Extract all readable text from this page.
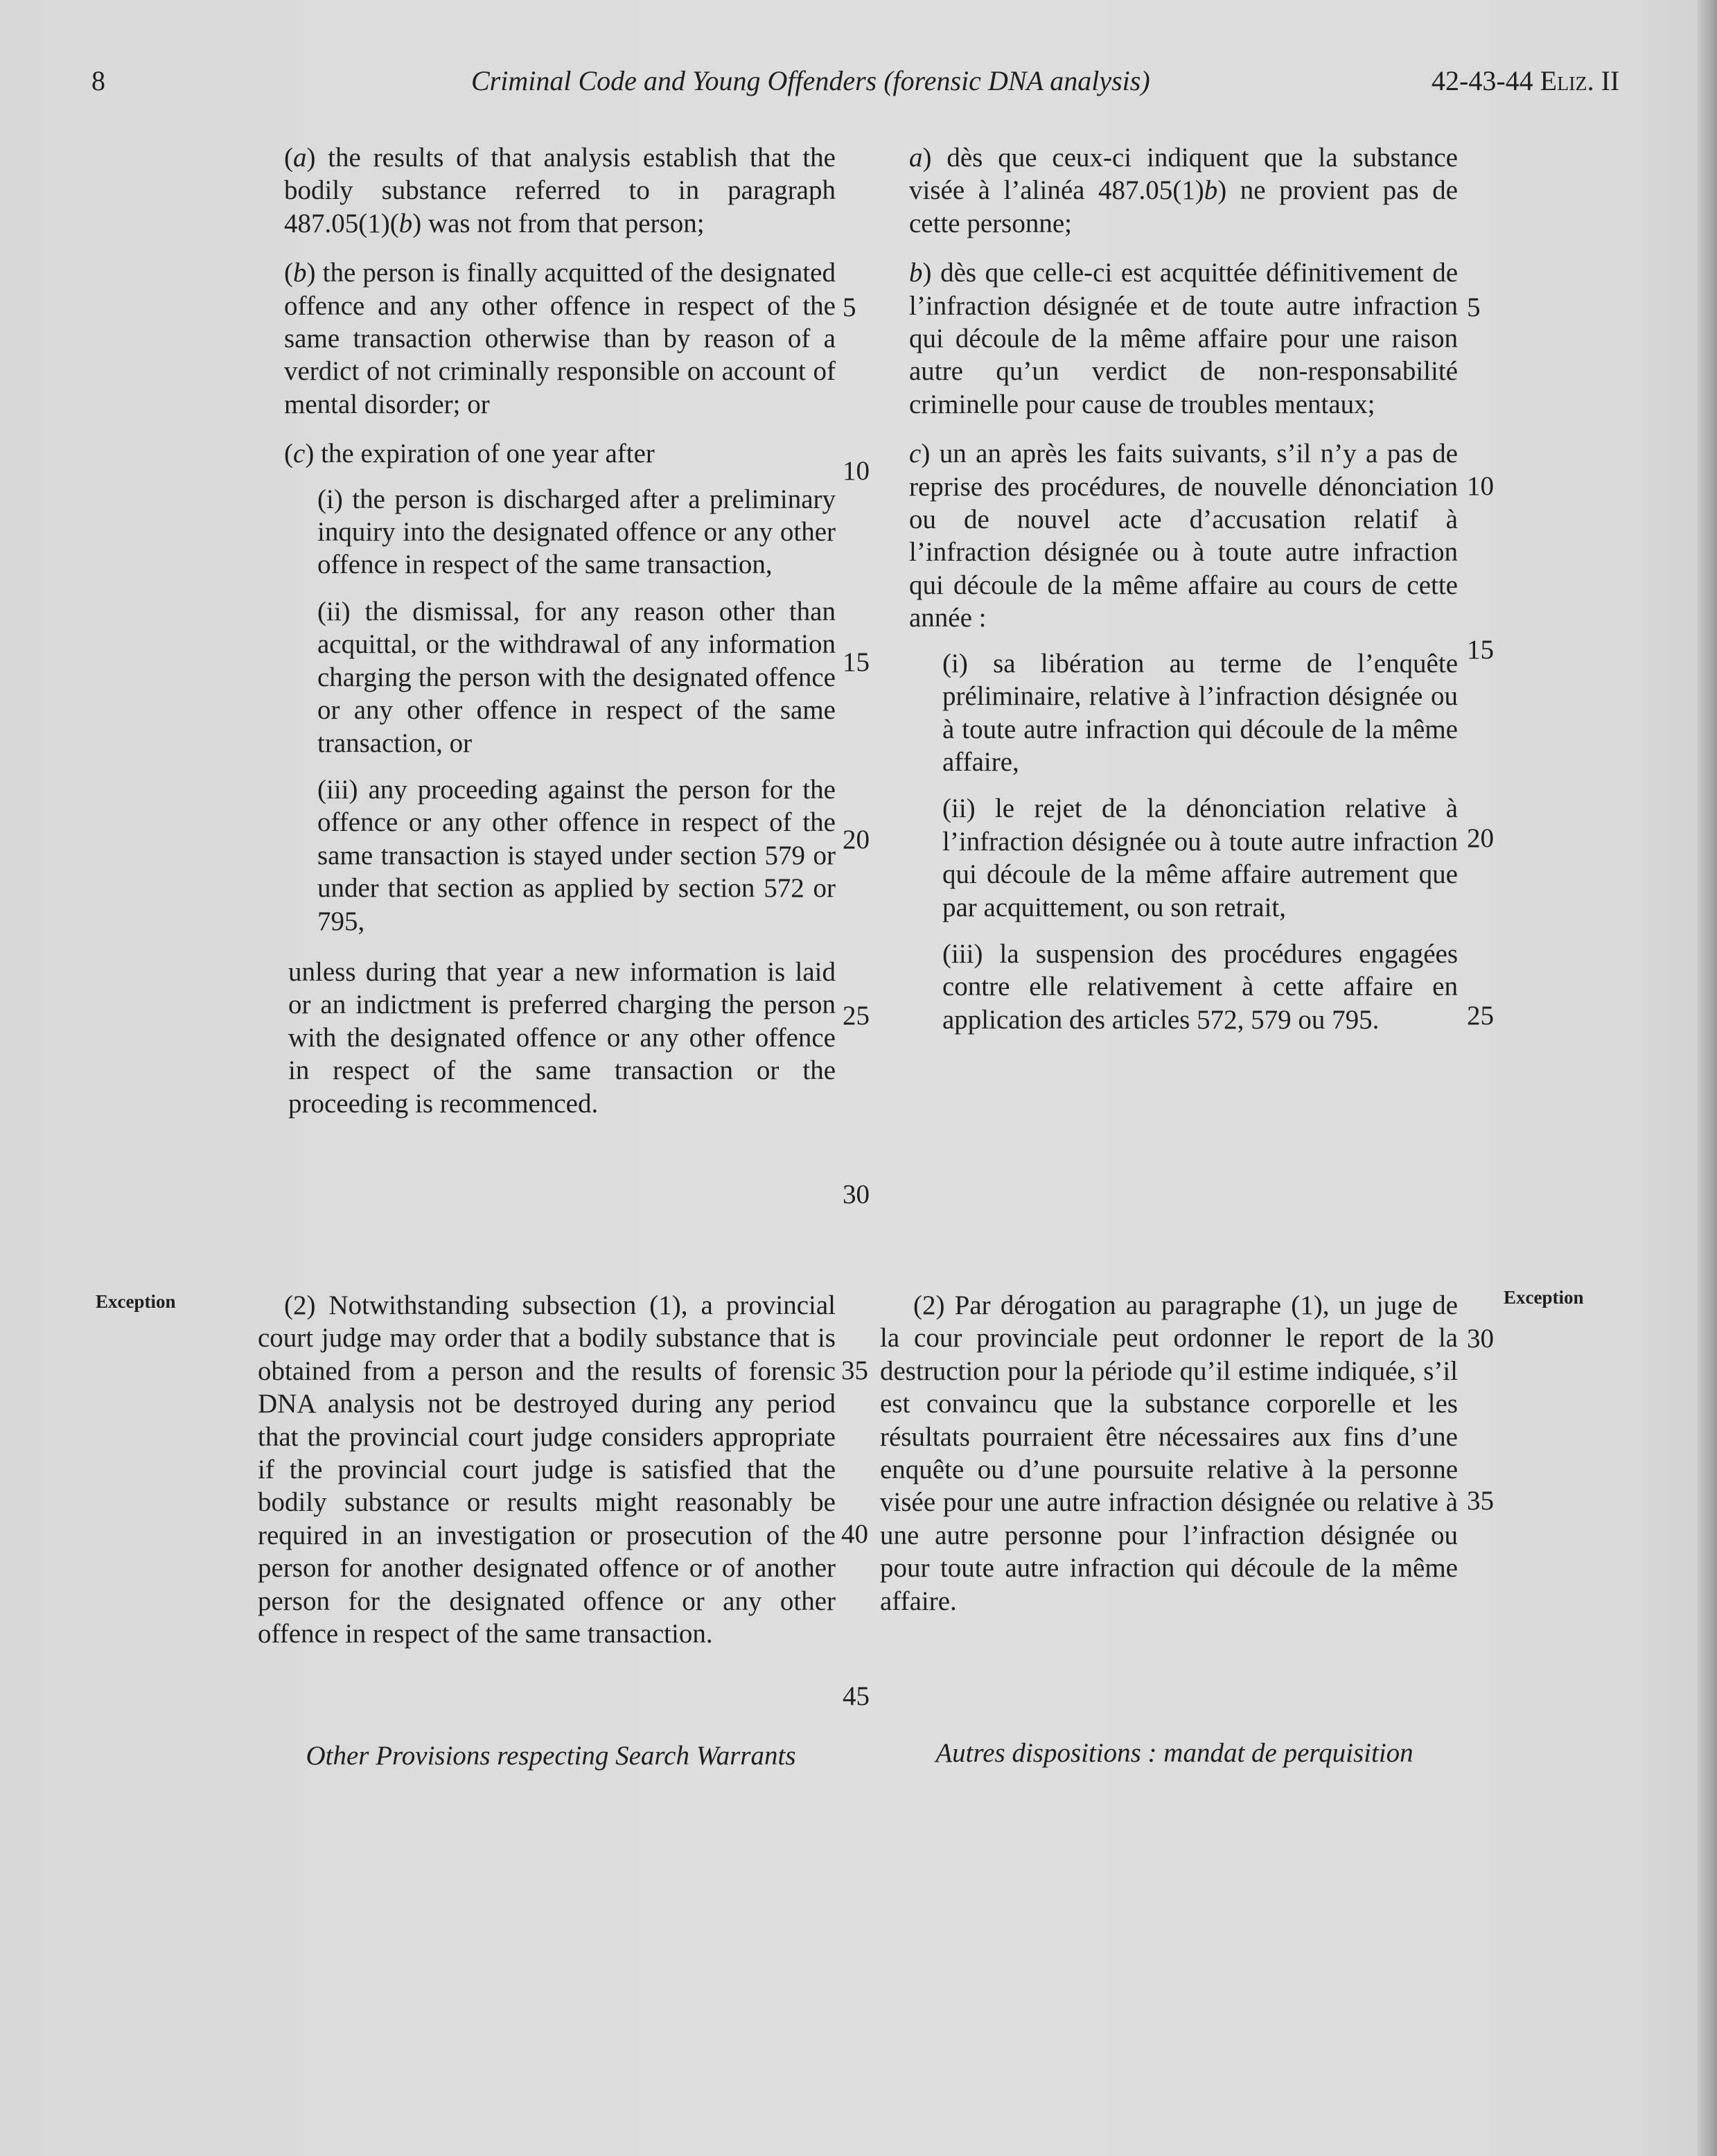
8	Criminal Code and Young Offenders (forensic DNA analysis)	42-43-44 Eliz. II

(a) the results of that analysis establish that the bodily substance referred to in paragraph 487.05(1)(b) was not from that person;

(b) the person is finally acquitted of the designated offence and any other offence in respect of the same transaction otherwise than by reason of a verdict of not criminally responsible on account of mental disorder; or

(c) the expiration of one year after

(i) the person is discharged after a preliminary inquiry into the designated offence or any other offence in respect of the same transaction,

(ii) the dismissal, for any reason other than acquittal, or the withdrawal of any information charging the person with the designated offence or any other offence in respect of the same transaction, or

(iii) any proceeding against the person for the offence or any other offence in respect of the same transaction is stayed under section 579 or under that section as applied by section 572 or 795,

unless during that year a new information is laid or an indictment is preferred charging the person with the designated offence or any other offence in respect of the same transaction or the proceeding is recommenced.

a) dès que ceux-ci indiquent que la substance visée à l’alinéa 487.05(1)b) ne provient pas de cette personne;

b) dès que celle-ci est acquittée définitivement de l’infraction désignée et de toute autre infraction qui découle de la même affaire pour une raison autre qu’un verdict de non-responsabilité criminelle pour cause de troubles mentaux;

c) un an après les faits suivants, s’il n’y a pas de reprise des procédures, de nouvelle dénonciation ou de nouvel acte d’accusation relatif à l’infraction désignée ou à toute autre infraction qui découle de la même affaire au cours de cette année :

(i) sa libération au terme de l’enquête préliminaire, relative à l’infraction désignée ou à toute autre infraction qui découle de la même affaire,

(ii) le rejet de la dénonciation relative à l’infraction désignée ou à toute autre infraction qui découle de la même affaire autrement que par acquittement, ou son retrait,

(iii) la suspension des procédures engagées contre elle relativement à cette affaire en application des articles 572, 579 ou 795.

Exception	Exception
(2) Notwithstanding subsection (1), a provincial court judge may order that a bodily substance that is obtained from a person and the results of forensic DNA analysis not be destroyed during any period that the provincial court judge considers appropriate if the provincial court judge is satisfied that the bodily substance or results might reasonably be required in an investigation or prosecution of the person for another designated offence or of another person for the designated offence or any other offence in respect of the same transaction.
(2) Par dérogation au paragraphe (1), un juge de la cour provinciale peut ordonner le report de la destruction pour la période qu’il estime indiquée, s’il est convaincu que la substance corporelle et les résultats pourraient être nécessaires aux fins d’une enquête ou d’une poursuite relative à la personne visée pour une autre infraction désignée ou relative à une autre personne pour l’infraction désignée ou pour toute autre infraction qui découle de la même affaire.
Other Provisions respecting Search Warrants	Autres dispositions : mandat de perquisition
5
10
15
20
25
30
35
40
45
5
10
15
20
25
30
35
